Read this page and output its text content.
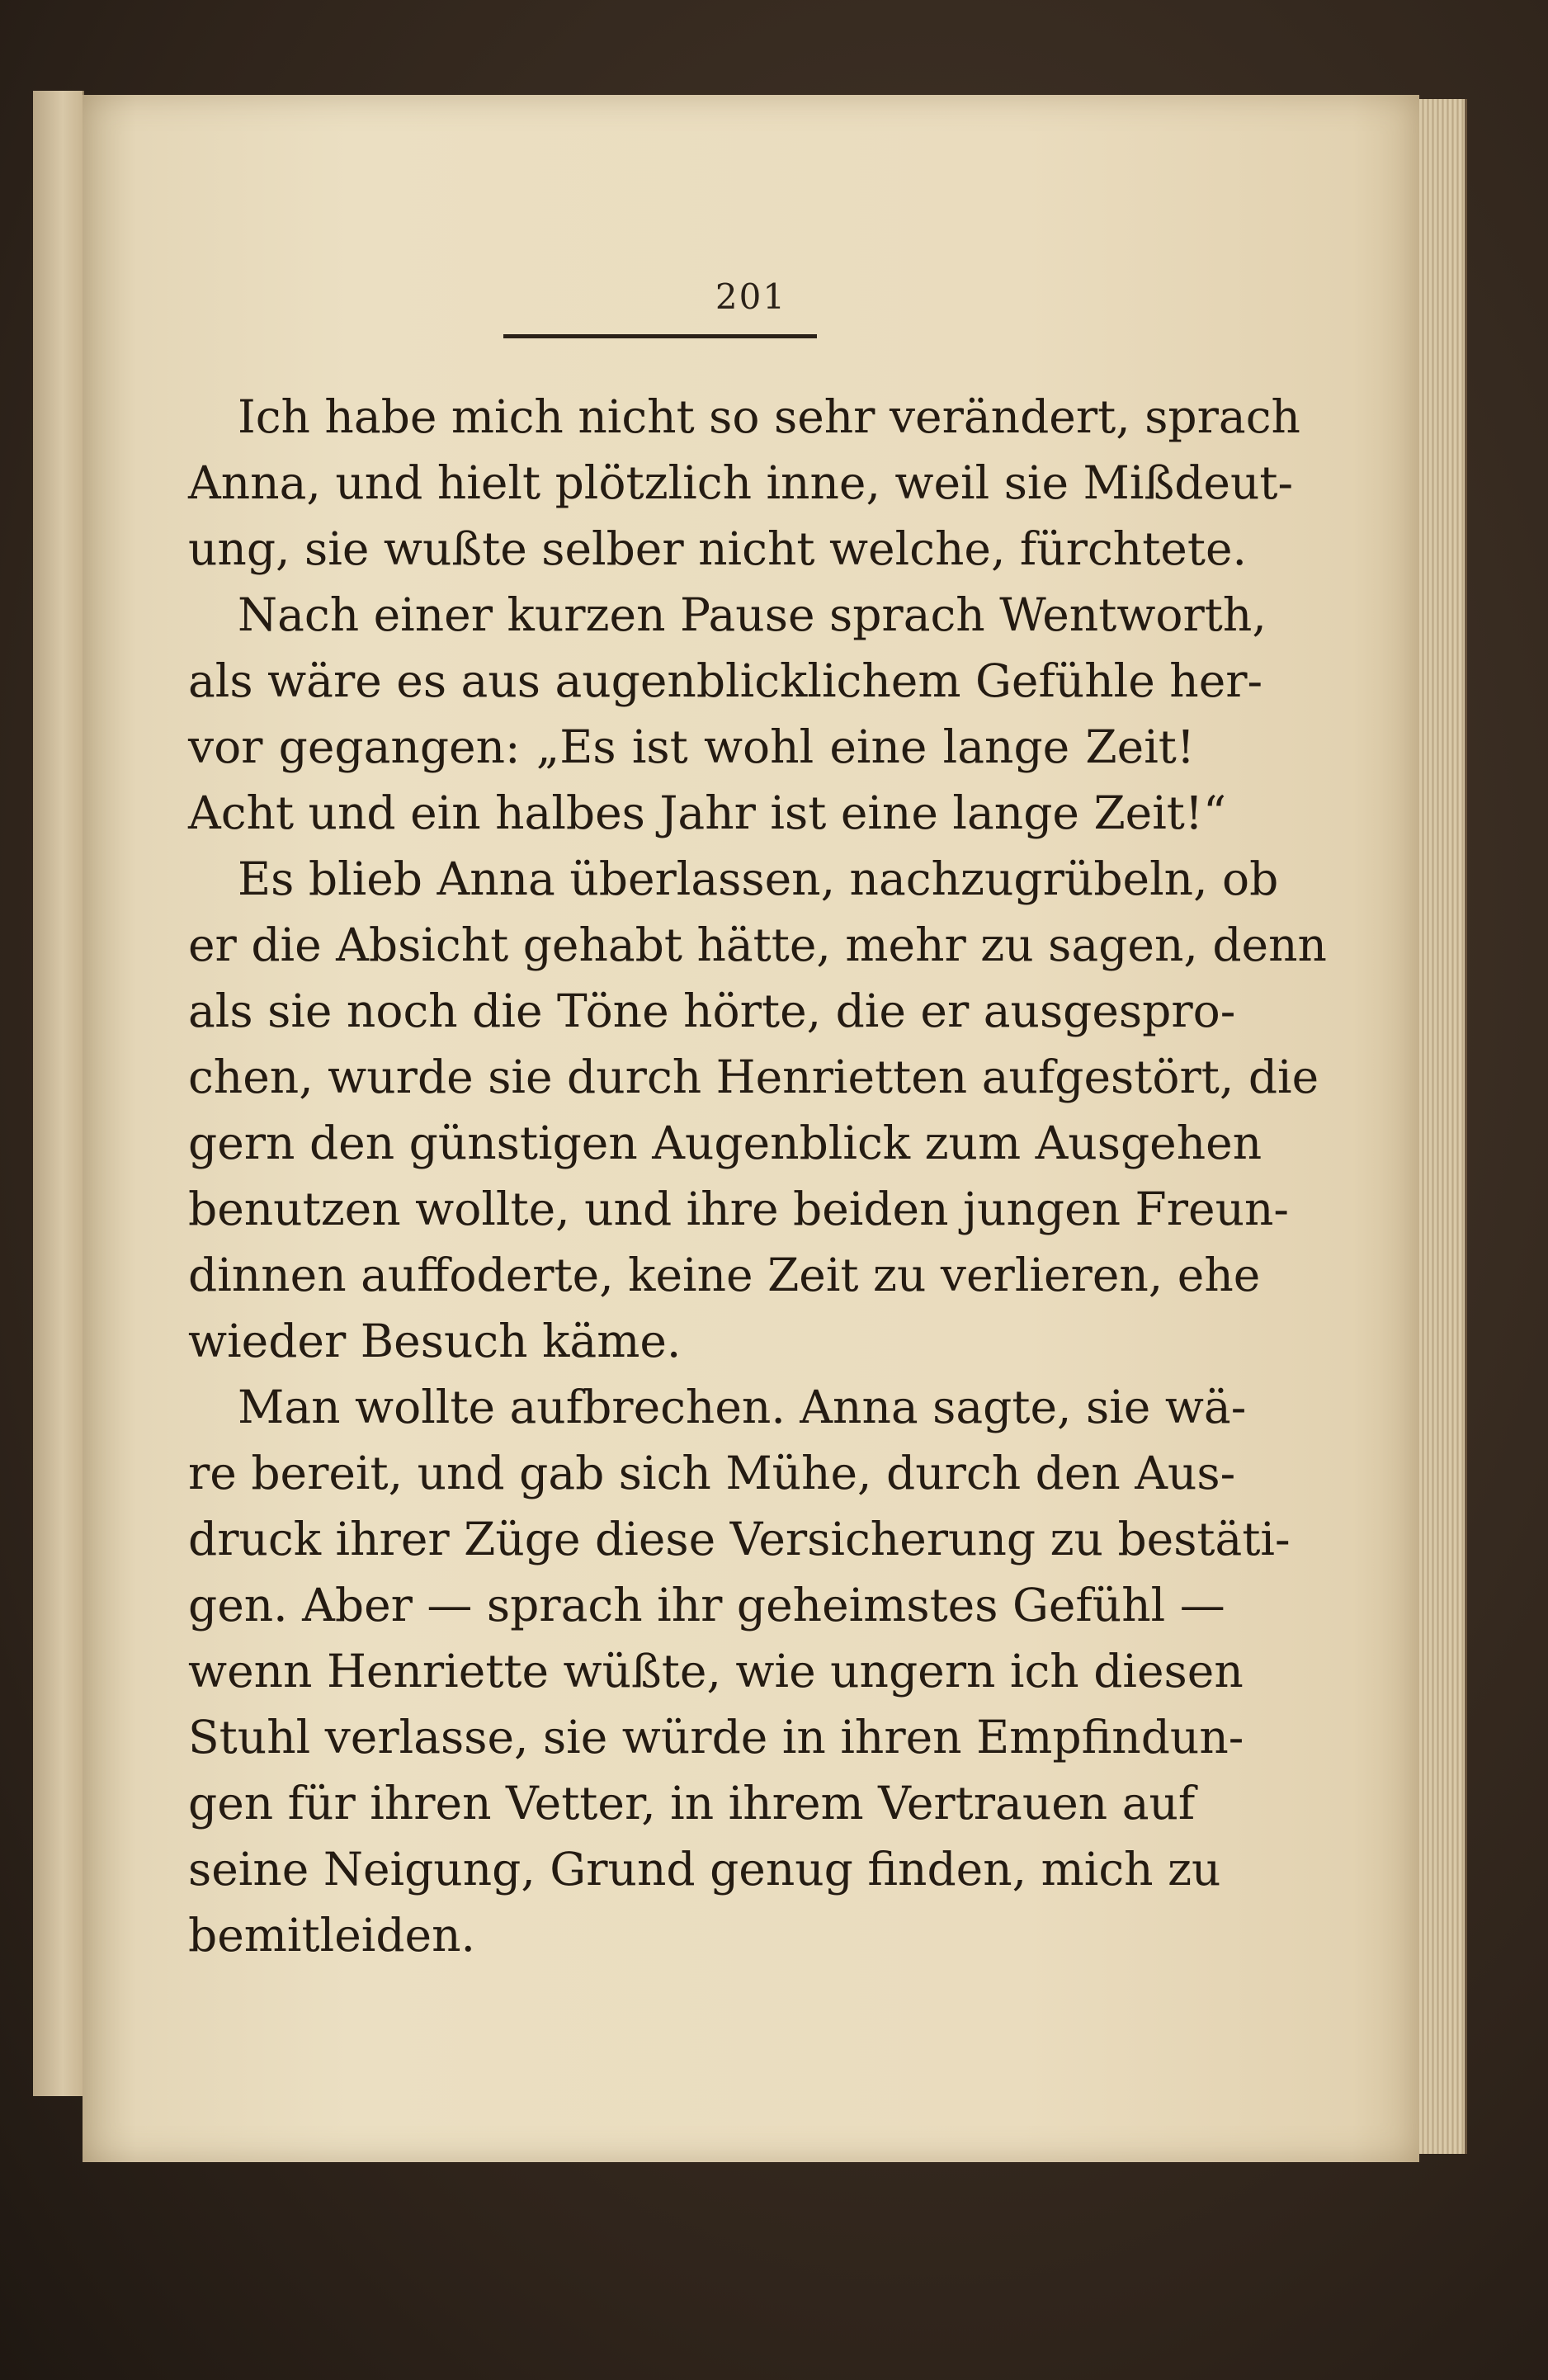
201
Ich habe mich nicht so sehr verändert, sprach
Anna, und hielt plötzlich inne, weil sie Mißdeut-
ung, sie wußte selber nicht welche, fürchtete.
Nach einer kurzen Pause sprach Wentworth,
als wäre es aus augenblicklichem Gefühle her-
vor gegangen: „Es ist wohl eine lange Zeit!
Acht und ein halbes Jahr ist eine lange Zeit!“
Es blieb Anna überlassen, nachzugrübeln, ob
er die Absicht gehabt hätte, mehr zu sagen, denn
als sie noch die Töne hörte, die er ausgespro-
chen, wurde sie durch Henrietten aufgestört, die
gern den günstigen Augenblick zum Ausgehen
benutzen wollte, und ihre beiden jungen Freun-
dinnen auffoderte, keine Zeit zu verlieren, ehe
wieder Besuch käme.
Man wollte aufbrechen. Anna sagte, sie wä-
re bereit, und gab sich Mühe, durch den Aus-
druck ihrer Züge diese Versicherung zu bestäti-
gen. Aber — sprach ihr geheimstes Gefühl —
wenn Henriette wüßte, wie ungern ich diesen
Stuhl verlasse, sie würde in ihren Empfindun-
gen für ihren Vetter, in ihrem Vertrauen auf
seine Neigung, Grund genug finden, mich zu
bemitleiden.
